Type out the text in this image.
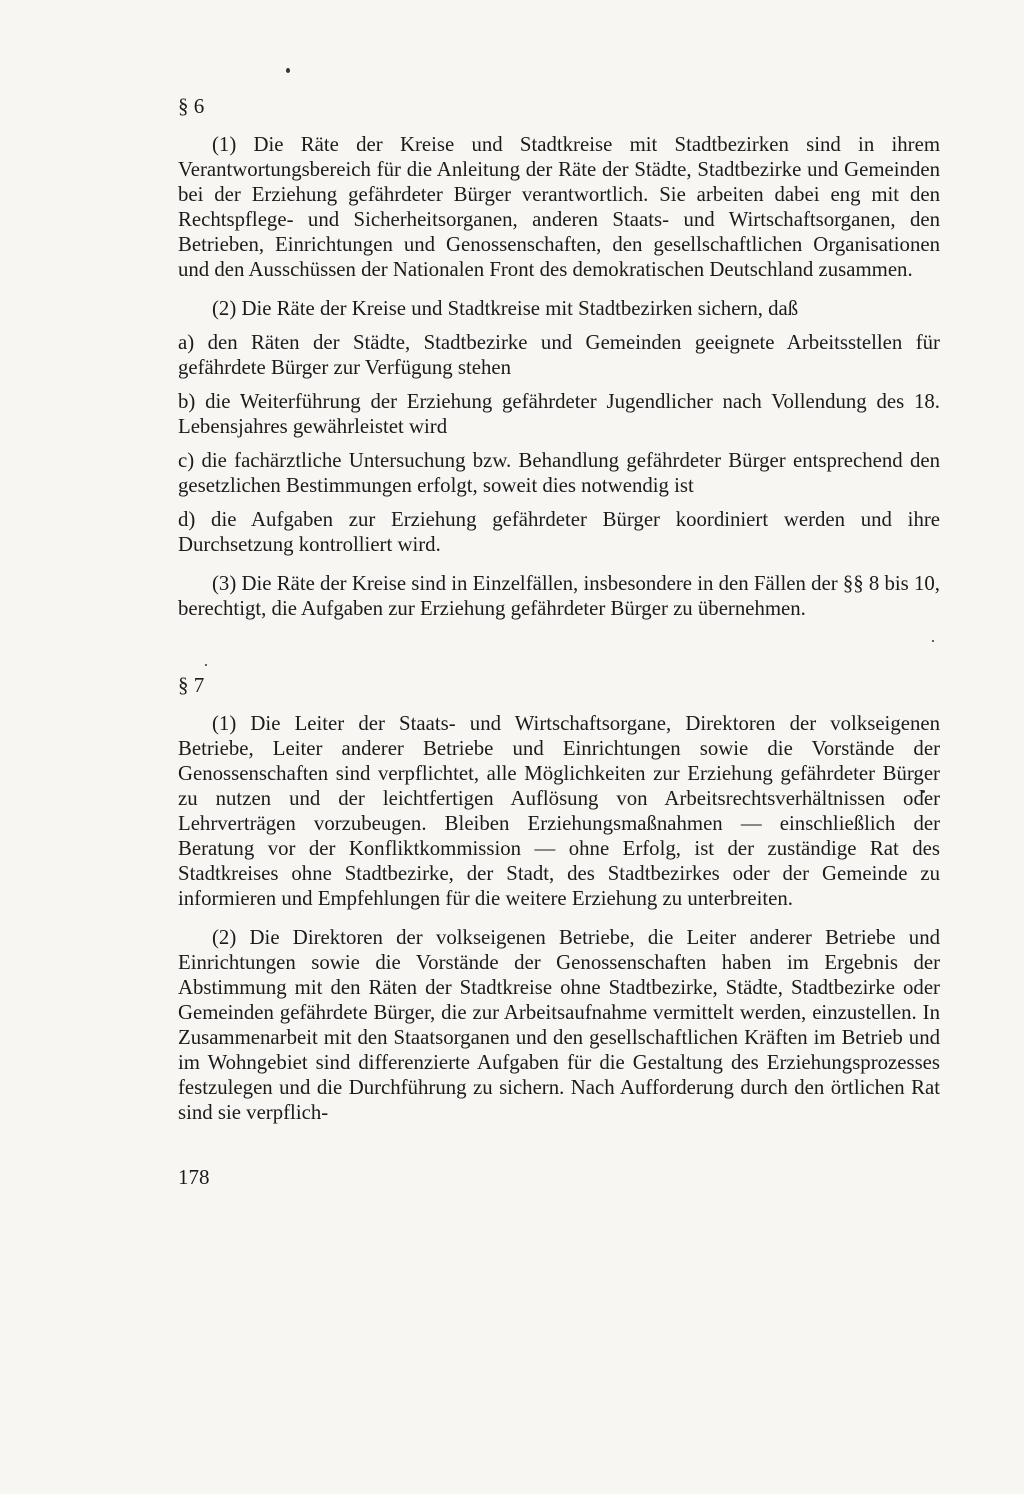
§ 6

(1) Die Räte der Kreise und Stadtkreise mit Stadtbezirken sind in ihrem Verantwortungsbereich für die Anleitung der Räte der Städte, Stadtbezirke und Gemeinden bei der Erziehung gefährdeter Bürger verantwortlich. Sie arbeiten dabei eng mit den Rechtspflege- und Sicherheitsorganen, anderen Staats- und Wirtschaftsorganen, den Betrieben, Einrichtungen und Genossenschaften, den gesellschaftlichen Organisationen und den Ausschüssen der Nationalen Front des demokratischen Deutschland zusammen.

(2) Die Räte der Kreise und Stadtkreise mit Stadtbezirken sichern, daß

a) den Räten der Städte, Stadtbezirke und Gemeinden geeignete Arbeitsstellen für gefährdete Bürger zur Verfügung stehen

b) die Weiterführung der Erziehung gefährdeter Jugendlicher nach Vollendung des 18. Lebensjahres gewährleistet wird

c) die fachärztliche Untersuchung bzw. Behandlung gefährdeter Bürger entsprechend den gesetzlichen Bestimmungen erfolgt, soweit dies notwendig ist

d) die Aufgaben zur Erziehung gefährdeter Bürger koordiniert werden und ihre Durchsetzung kontrolliert wird.

(3) Die Räte der Kreise sind in Einzelfällen, insbesondere in den Fällen der §§ 8 bis 10, berechtigt, die Aufgaben zur Erziehung gefährdeter Bürger zu übernehmen.

§ 7

(1) Die Leiter der Staats- und Wirtschaftsorgane, Direktoren der volkseigenen Betriebe, Leiter anderer Betriebe und Einrichtungen sowie die Vorstände der Genossenschaften sind verpflichtet, alle Möglichkeiten zur Erziehung gefährdeter Bürger zu nutzen und der leichtfertigen Auflösung von Arbeitsrechtsverhältnissen oder Lehrverträgen vorzubeugen. Bleiben Erziehungsmaßnahmen — einschließlich der Beratung vor der Konfliktkommission — ohne Erfolg, ist der zuständige Rat des Stadtkreises ohne Stadtbezirke, der Stadt, des Stadtbezirkes oder der Gemeinde zu informieren und Empfehlungen für die weitere Erziehung zu unterbreiten.

(2) Die Direktoren der volkseigenen Betriebe, die Leiter anderer Betriebe und Einrichtungen sowie die Vorstände der Genossenschaften haben im Ergebnis der Abstimmung mit den Räten der Stadtkreise ohne Stadtbezirke, Städte, Stadtbezirke oder Gemeinden gefährdete Bürger, die zur Arbeitsaufnahme vermittelt werden, einzustellen. In Zusammenarbeit mit den Staatsorganen und den gesellschaftlichen Kräften im Betrieb und im Wohngebiet sind differenzierte Aufgaben für die Gestaltung des Erziehungsprozesses festzulegen und die Durchführung zu sichern. Nach Aufforderung durch den örtlichen Rat sind sie verpflich-

178
